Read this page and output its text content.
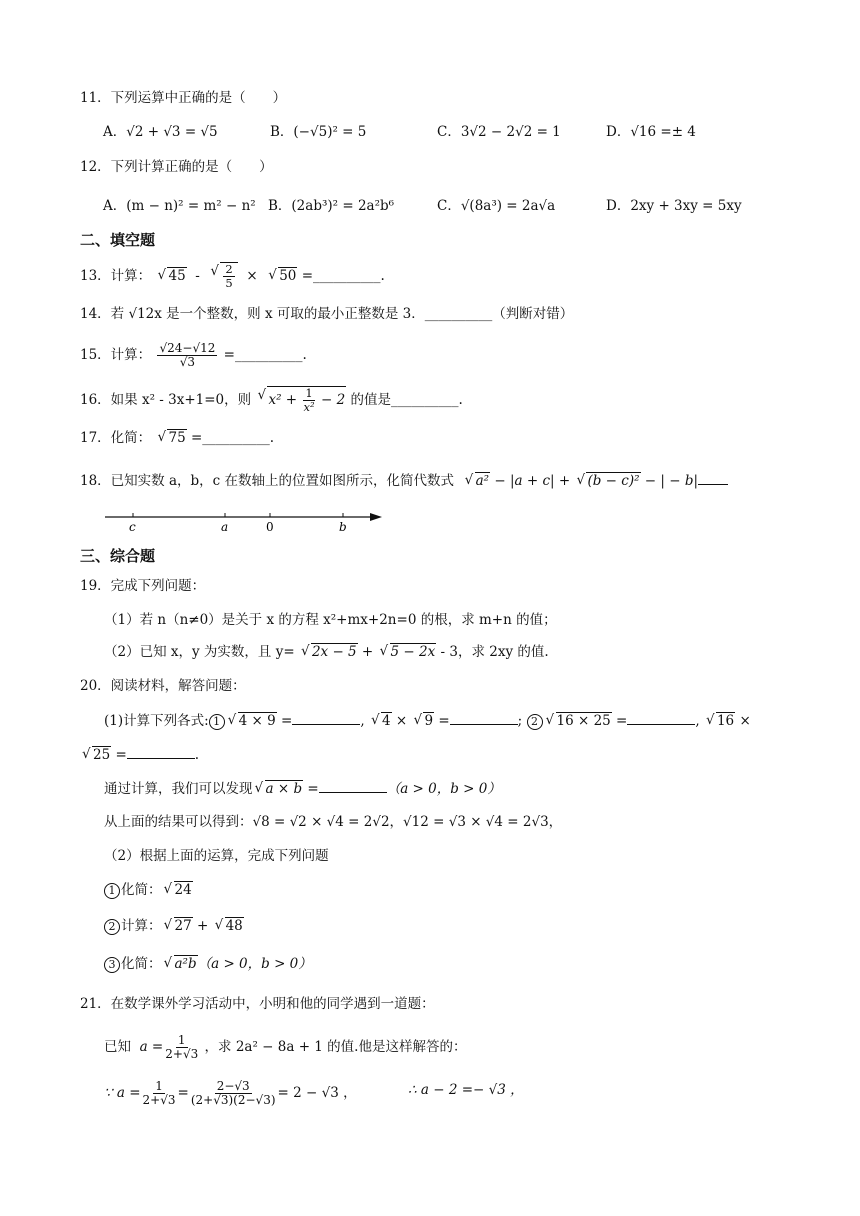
11．下列运算中正确的是（　　）
A．√2 + √3 = √5	B．(−√5)² = 5	C．3√2 − 2√2 = 1	D．√16 =± 4
12．下列计算正确的是（　　）
A．(m − n)² = m² − n² B．(2ab³)² = 2a²b⁶	C．√(8a³) = 2a√a	D．2xy + 3xy = 5xy
二、填空题
13．计算： √ 45  - √ $\frac{2}{5}$ ×  √ 50 =__________.
14．若 √12x 是一个整数，则 x 可取的最小正整数是 3．__________（判断对错）
15．计算： $\frac{√24-√12}{√3}$ =__________.
16．如果 x² - 3x+1=0，则 √ $x^2 + \frac{1}{\text{x²}} - 2$ 的值是__________.
17．化简： √ 75 =__________.
18．已知实数 a，b，c 在数轴上的位置如图所示，化简代数式 √ a² − |a + c| + √ (b − c)² − | − b|
c	a	0	b
三、综合题
19．完成下列问题：
（1）若 n（n≠0）是关于 x 的方程 x²+mx+2n=0 的根，求 m+n 的值；
（2）已知 x，y 为实数，且 y= √ 2x − 5 + √ 5 − 2x - 3，求 2xy 的值.
20．阅读材料，解答问题：
(1)计算下列各式: 1 √ 4 × 9 =	, √ 4 × √ 9 =	; 2 √ 16 × 25 =	, √ 16 ×
√ 25 =	.
通过计算，我们可以发现 √ a × b =	（a > 0，b > 0）
从上面的结果可以得到：√8 = √2 × √4 = 2√2，√12 = √3 × √4 = 2√3，
（2）根据上面的运算，完成下列问题
1 化简： √ 24
2 计算： √ 27 + √ 48
3 化简： √ a²b（a > 0，b > 0）
21．在数学课外学习活动中，小明和他的同学遇到一道题：
已知  $a = \frac{1}{2+√3}$ ，求 2a² − 8a + 1 的值.他是这样解答的：
∵ $a = \frac{1}{2+√3} = \frac{2-√3}{(2+√3)(2-√3)} = 2 - √3$ ，	∴ a − 2 =− √3 ，
